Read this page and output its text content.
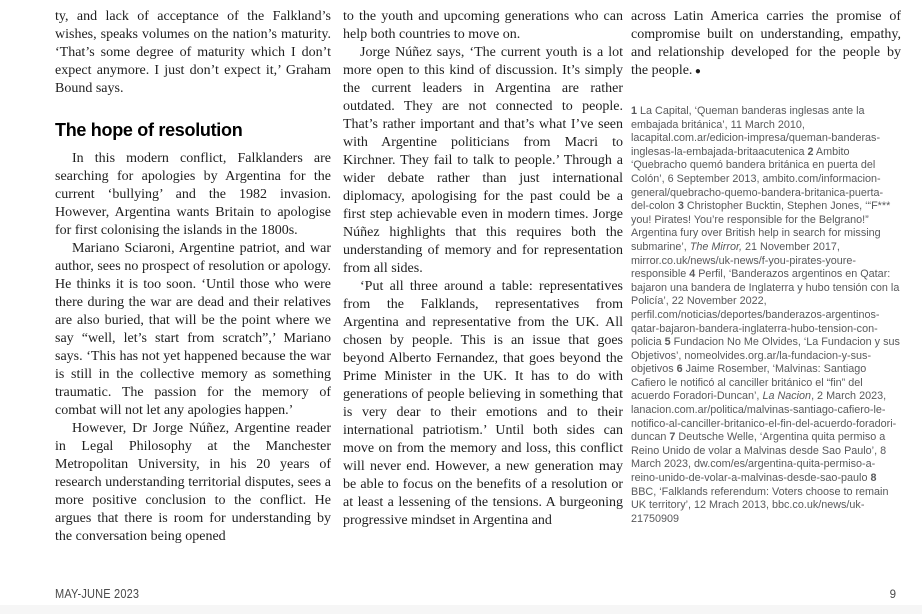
ty, and lack of acceptance of the Falkland’s wishes, speaks volumes on the nation’s maturity. ‘That’s some degree of maturity which I don’t expect anymore. I just don’t expect it,’ Graham Bound says.

The hope of resolution

In this modern conflict, Falklanders are searching for apologies by Argentina for the current ‘bullying’ and the 1982 invasion. However, Argentina wants Britain to apologise for first colonising the islands in the 1800s.

Mariano Sciaroni, Argentine patriot, and war author, sees no prospect of resolution or apology. He thinks it is too soon. ‘Until those who were there during the war are dead and their relatives are also buried, that will be the point where we say “well, let’s start from scratch”,’ Mariano says. ‘This has not yet happened because the war is still in the collective memory as something traumatic. The passion for the memory of combat will not let any apologies happen.’

However, Dr Jorge Núñez, Argentine reader in Legal Philosophy at the Manchester Metropolitan University, in his 20 years of research understanding territorial disputes, sees a more positive conclusion to the conflict. He argues that there is room for understanding by the conversation being opened

to the youth and upcoming generations who can help both countries to move on.

Jorge Núñez says, ‘The current youth is a lot more open to this kind of discussion. It’s simply the current leaders in Argentina are rather outdated. They are not connected to people. That’s rather important and that’s what I’ve seen with Argentine politicians from Macri to Kirchner. They fail to talk to people.’ Through a wider debate rather than just international diplomacy, apologising for the past could be a first step achievable even in modern times. Jorge Núñez highlights that this requires both the understanding of memory and for representation from all sides.

‘Put all three around a table: representatives from the Falklands, representatives from Argentina and representative from the UK. All chosen by people. This is an issue that goes beyond Alberto Fernandez, that goes beyond the Prime Minister in the UK. It has to do with generations of people believing in something that is very dear to their emotions and to their international patriotism.’ Until both sides can move on from the memory and loss, this conflict will never end. However, a new generation may be able to focus on the benefits of a resolution or at least a lessening of the tensions. A burgeoning progressive mindset in Argentina and

across Latin America carries the promise of compromise built on understanding, empathy, and relationship developed for the people by the people. ●

1 La Capital, ‘Queman banderas inglesas ante la embajada británica’, 11 March 2010, lacapital.com.ar/edicion-impresa/queman-banderas-inglesas-la-embajada-britaacutenica 2 Ambito ‘Quebracho quemó bandera británica en puerta del Colón’, 6 September 2013, ambito.com/informacion-general/quebracho-quemo-bandera-britanica-puerta-del-colon 3 Christopher Bucktin, Stephen Jones, ‘“F*** you! Pirates! You’re responsible for the Belgrano!” Argentina fury over British help in search for missing submarine’, The Mirror, 21 November 2017, mirror.co.uk/news/uk-news/f-you-pirates-youre-responsible 4 Perfil, ‘Banderazos argentinos en Qatar: bajaron una bandera de Inglaterra y hubo tensión con la Policía’, 22 November 2022, perfil.com/noticias/deportes/banderazos-argentinos-qatar-bajaron-bandera-inglaterra-hubo-tension-con-policia 5 Fundacion No Me Olvides, ‘La Fundacion y sus Objetivos’, nomeolvides.org.ar/la-fundacion-y-sus-objetivos 6 Jaime Rosember, ‘Malvinas: Santiago Cafiero le notificó al canciller británico el “fin” del acuerdo Foradori-Duncan’, La Nacion, 2 March 2023, lanacion.com.ar/politica/malvinas-santiago-cafiero-le-notifico-al-canciller-britanico-el-fin-del-acuerdo-foradori-duncan 7 Deutsche Welle, ‘Argentina quita permiso a Reino Unido de volar a Malvinas desde Sao Paulo’, 8 March 2023, dw.com/es/argentina-quita-permiso-a-reino-unido-de-volar-a-malvinas-desde-sao-paulo 8 BBC, ‘Falklands referendum: Voters choose to remain UK territory’, 12 Mrach 2013, bbc.co.uk/news/uk-21750909
MAY-JUNE 2023	9
